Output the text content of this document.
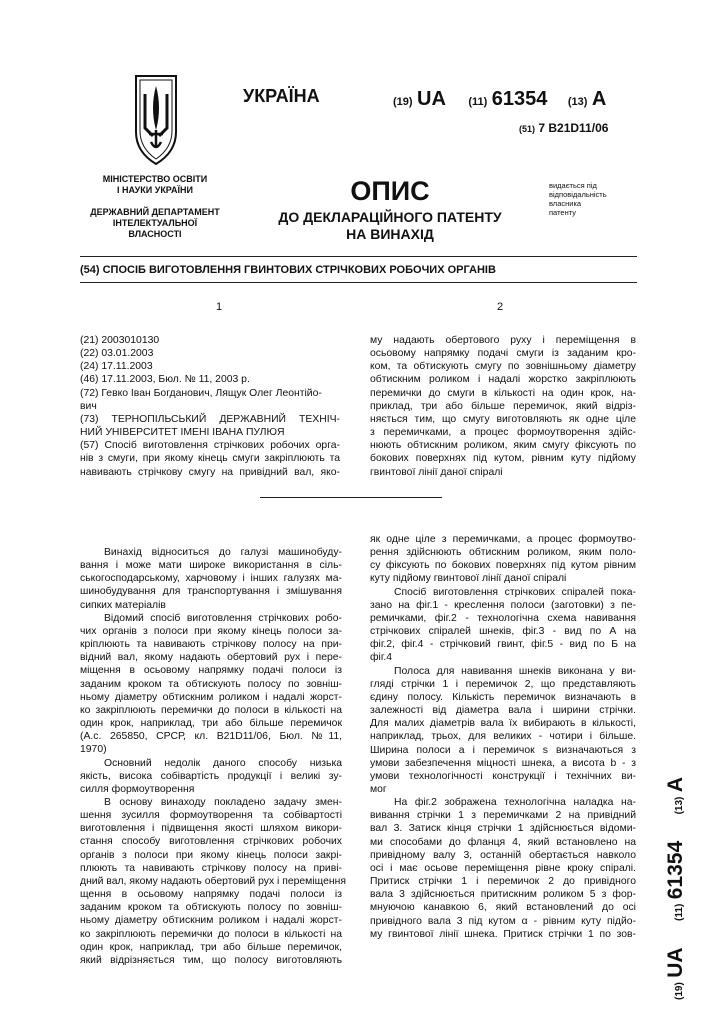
УКРАЇНА	(19) UA (11) 61354 (13) A
(51) 7 B21D11/06
МІНІСТЕРСТВО ОСВІТИ
І НАУКИ УКРАЇНИ
ДЕРЖАВНИЙ ДЕПАРТАМЕНТ
ІНТЕЛЕКТУАЛЬНОЇ
ВЛАСНОСТІ
ОПИС
ДО ДЕКЛАРАЦІЙНОГО ПАТЕНТУ
НА ВИНАХІД
видається під
відповідальність
власника
патенту
(54) СПОСІБ ВИГОТОВЛЕННЯ ГВИНТОВИХ СТРІЧКОВИХ РОБОЧИХ ОРГАНІВ
1	2

(21) 2003010130

(22) 03.01.2003

(24) 17.11.2003

(46) 17.11.2003, Бюл. № 11, 2003 р.

(72) Гевко Іван Богданович, Лящук Олег Леонтійо-

вич

(73) ТЕРНОПІЛЬСЬКИЙ ДЕРЖАВНИЙ ТЕХНІЧ-

НИЙ УНІВЕРСИТЕТ ІМЕНІ ІВАНА ПУЛЮЯ

(57) Спосіб виготовлення стрічкових робочих орга-

нів з смуги, при якому кінець смуги закріплюють та

навивають стрічкову смугу на привідний вал, яко-

му надають обертового руху і переміщення в

осьовому напрямку подачі смуги із заданим кро-

ком, та обтискують смугу по зовнішньому діаметру

обтискним роликом і надалі жорстко закріплюють

перемички до смуги в кількості на один крок, на-

приклад, три або більше перемичок, який відріз-

няється тим, що смугу виготовляють як одне ціле

з перемичками, а процес формоутворення здійс-

нюють обтискним роликом, яким смугу фіксують по

бокових поверхнях під кутом, рівним куту підйому

гвинтової лінії даної спіралі

Винахід відноситься до галузі машинобуду-

вання і може мати широке використання в сіль-

ськогосподарському, харчовому і інших галузях ма-

шинобудування для транспортування і змішування

сипких матеріалів

Відомий спосіб виготовлення стрічкових робо-

чих органів з полоси при якому кінець полоси за-

кріплюють та навивають стрічкову полосу на при-

відний вал, якому надають обертовий рух і пере-

міщення в осьовому напрямку подачі полоси із

заданим кроком та обтискують полосу по зовніш-

ньому діаметру обтискним роликом і надалі жорст-

ко закріплюють перемички до полоси в кількості на

один крок, наприклад, три або більше перемичок

(А.с. 265850, СРСР, кл. B21D11/06, Бюл. №11,

1970)

Основний недолік даного способу низька

якість, висока собівартість продукції і великі зу-

силля формоутворення

В основу винаходу покладено задачу змен-

шення зусилля формоутворення та собівартості

виготовлення і підвищення якості шляхом викори-

стання способу виготовлення стрічкових робочих

органів з полоси при якому кінець полоси закрі-

плюють та навивають стрічкову полосу на приві-

дний вал, якому надають обертовий рух і переміщення

щення в осьовому напрямку подачі полоси із

заданим кроком та обтискують полосу по зовніш-

ньому діаметру обтискним роликом і надалі жорст-

ко закріплюють перемички до полоси в кількості на

один крок, наприклад, три або більше перемичок,

який відрізняється тим, що полосу виготовляють

як одне ціле з перемичками, а процес формоутво-

рення здійснюють обтискним роликом, яким поло-

су фіксують по бокових поверхнях під кутом рівним

куту підйому гвинтової лінії даної спіралі

Спосіб виготовлення стрічкових спіралей пока-

зано на фіг.1 - креслення полоси (заготовки) з пе-

ремичками, фіг.2 - технологічна схема навивання

стрічкових спіралей шнеків, фіг.3 - вид по А на

фіг.2, фіг.4 - стрічковий гвинт, фіг.5 - вид по Б на

фіг.4

Полоса для навивання шнеків виконана у ви-

гляді стрічки 1 і перемичок 2, що представляють

єдину полосу. Кількість перемичок визначають в

залежності від діаметра вала і ширини стрічки.

Для малих діаметрів вала їх вибирають в кількості,

наприклад, трьох, для великих - чотири і більше.

Ширина полоси а і перемичок s визначаються з

умови забезпечення міцності шнека, а висота b - з

умови технологічності конструкції і технічних ви-

мог

На фіг.2 зображена технологічна наладка на-

вивання стрічки 1 з перемичками 2 на привідний

вал 3. Затиск кінця стрічки 1 здійснюється відоми-

ми способами до фланця 4, який встановлено на

привідному валу 3, останній обертається навколо

осі і має осьове переміщення рівне кроку спіралі.

Притиск стрічки 1 і перемичок 2 до привідного

вала 3 здійснюється притискним роликом 5 з фор-

мнуючою канавкою 6, який встановлений до осі

привідного вала 3 під кутом α - рівним куту підйо-

му гвинтової лінії шнека. Притиск стрічки 1 по зов-

(19) UA (11) 61354 (13) A
